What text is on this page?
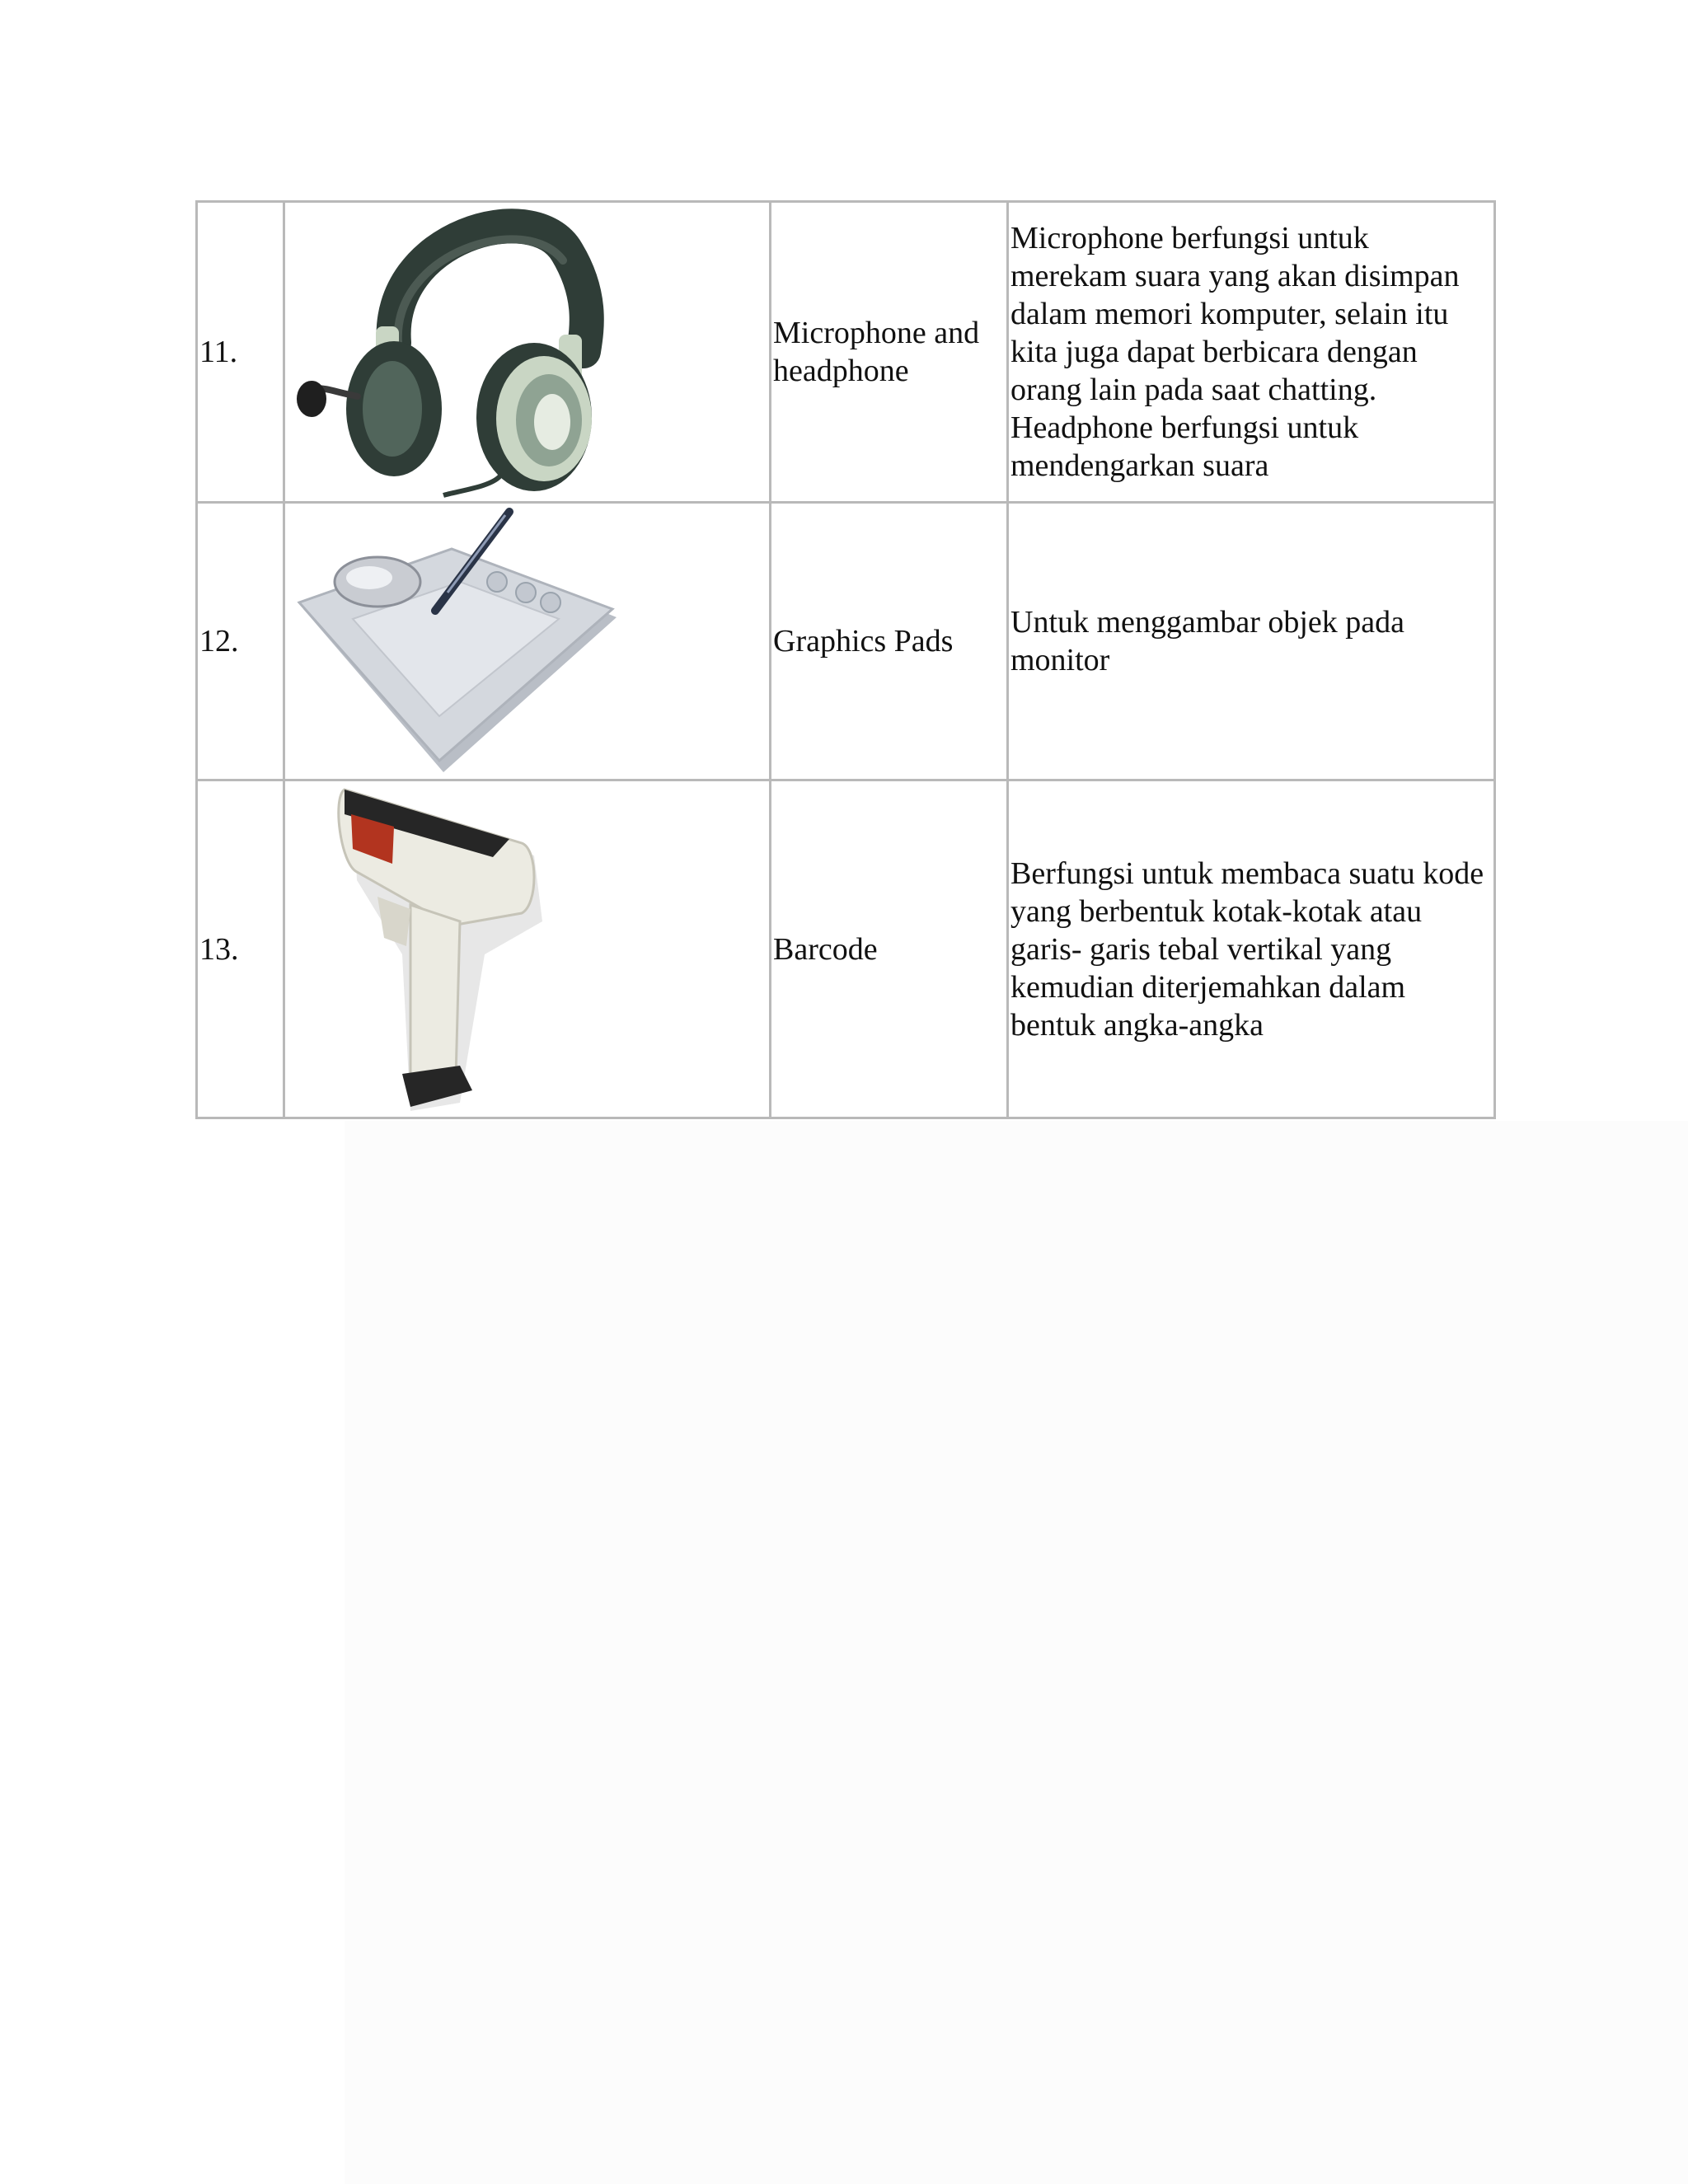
11.		Microphone and headphone	Microphone berfungsi untuk merekam suara yang akan disimpan dalam memori komputer, selain itu kita juga dapat berbicara dengan orang lain pada saat chatting. Headphone berfungsi untuk mendengarkan suara

12.		Graphics Pads	Untuk menggambar objek pada monitor

13.		Barcode	Berfungsi untuk membaca suatu kode yang berbentuk kotak-kotak atau garis- garis tebal vertikal yang kemudian diterjemahkan dalam bentuk angka-angka
